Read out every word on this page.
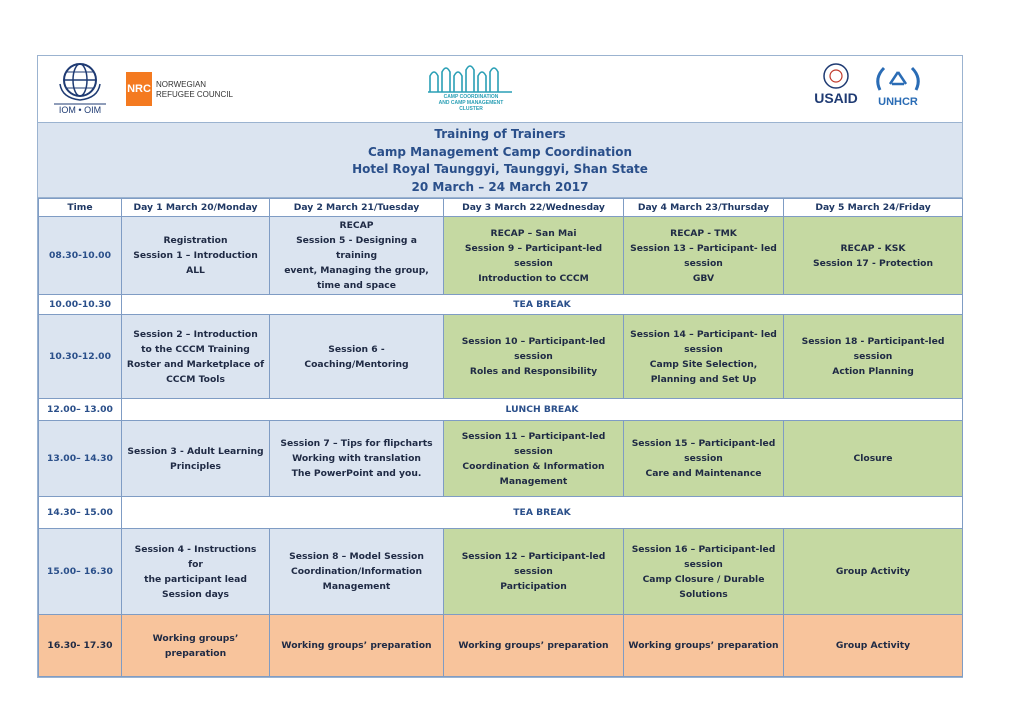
IOM • OIM
NRC NORWEGIAN
REFUGEE COUNCIL	CAMP COORDINATION
AND CAMP MANAGEMENT
CLUSTER
USAID	UNHCR
Training of Trainers
Camp Management Camp Coordination
Hotel Royal Taunggyi, Taunggyi, Shan State
20 March – 24 March 2017
Time	Day 1 March 20/Monday	Day 2 March 21/Tuesday	Day 3 March 22/Wednesday	Day 4 March 23/Thursday	Day 5 March 24/Friday
08.30-10.00	Registration
Session 1 – Introduction
ALL	RECAP
Session 5 - Designing a training
event, Managing the group,
time and space	RECAP – San Mai
Session 9 – Participant-led
session
Introduction to CCCM	RECAP - TMK
Session 13 – Participant- led
session
GBV	RECAP - KSK
Session 17 - Protection

10.00-10.30	TEA BREAK				
10.30-12.00	Session 2 – Introduction
to the CCCM Training
Roster and Marketplace of
CCCM Tools	Session 6 -
Coaching/Mentoring	Session 10 – Participant-led
session
Roles and Responsibility	Session 14 – Participant- led
session
Camp Site Selection,
Planning and Set Up	Session 18 - Participant-led
session
Action Planning

12.00– 13.00	LUNCH BREAK				
13.00– 14.30	Session 3 - Adult Learning
Principles	Session 7 – Tips for flipcharts
Working with translation
The PowerPoint and you.	Session 11 – Participant-led
session
Coordination & Information
Management	Session 15 – Participant-led
session
Care and Maintenance	Closure

14.30– 15.00	TEA BREAK				
15.00– 16.30	Session 4 - Instructions for
the participant lead
Session days	Session 8 – Model Session
Coordination/Information
Management	Session 12 – Participant-led
session
Participation	Session 16 – Participant-led
session
Camp Closure / Durable
Solutions	Group Activity

16.30- 17.30	Working groups’
preparation	Working groups’ preparation	Working groups’ preparation	Working groups’ preparation	Group Activity
